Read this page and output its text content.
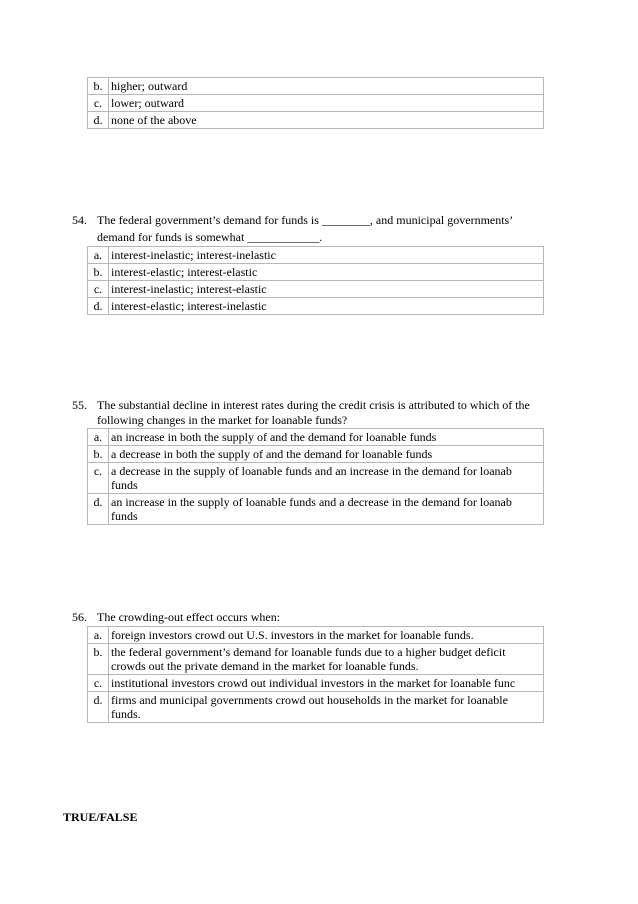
b.	higher; outward
c.	lower; outward
d.	none of the above
54. The federal government’s demand for funds is ________, and municipal governments’
demand for funds is somewhat ____________.
a.	interest-inelastic; interest-inelastic
b.	interest-elastic; interest-elastic
c.	interest-inelastic; interest-elastic
d.	interest-elastic; interest-inelastic
55. The substantial decline in interest rates during the credit crisis is attributed to which of the
following changes in the market for loanable funds?
a.	an increase in both the supply of and the demand for loanable funds
b.	a decrease in both the supply of and the demand for loanable funds
c.	a decrease in the supply of loanable funds and an increase in the demand for loanab
funds

d.	an increase in the supply of loanable funds and a decrease in the demand for loanab
funds
56. The crowding-out effect occurs when:
a.	foreign investors crowd out U.S. investors in the market for loanable funds.
b.	the federal government’s demand for loanable funds due to a higher budget deficit
crowds out the private demand in the market for loanable funds.

c.	institutional investors crowd out individual investors in the market for loanable func
d.	firms and municipal governments crowd out households in the market for loanable
funds.
TRUE/FALSE
